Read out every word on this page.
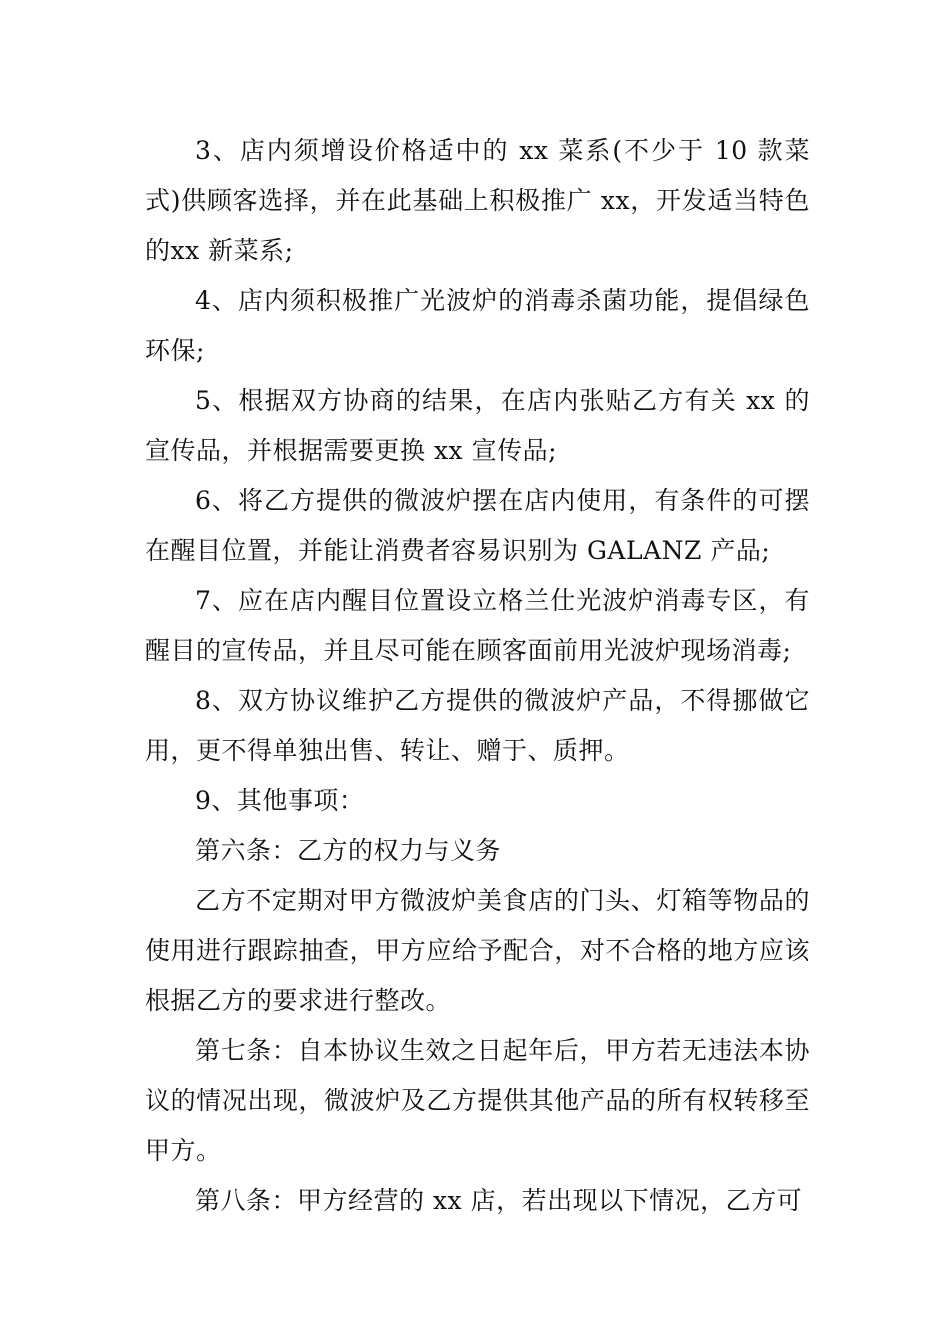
3、店内须增设价格适中的 xx 菜系(不少于 10 款菜式)供顾客选择，并在此基础上积极推广 xx，开发适当特色的xx 新菜系;

4、店内须积极推广光波炉的消毒杀菌功能，提倡绿色环保;

5、根据双方协商的结果，在店内张贴乙方有关 xx 的宣传品，并根据需要更换 xx 宣传品;

6、将乙方提供的微波炉摆在店内使用，有条件的可摆在醒目位置，并能让消费者容易识别为 GALANZ 产品;

7、应在店内醒目位置设立格兰仕光波炉消毒专区，有醒目的宣传品，并且尽可能在顾客面前用光波炉现场消毒;

8、双方协议维护乙方提供的微波炉产品，不得挪做它用，更不得单独出售、转让、赠于、质押。

9、其他事项：

第六条：乙方的权力与义务

乙方不定期对甲方微波炉美食店的门头、灯箱等物品的使用进行跟踪抽查，甲方应给予配合，对不合格的地方应该根据乙方的要求进行整改。

第七条：自本协议生效之日起年后，甲方若无违法本协议的情况出现，微波炉及乙方提供其他产品的所有权转移至甲方。

第八条：甲方经营的 xx 店，若出现以下情况，乙方可
